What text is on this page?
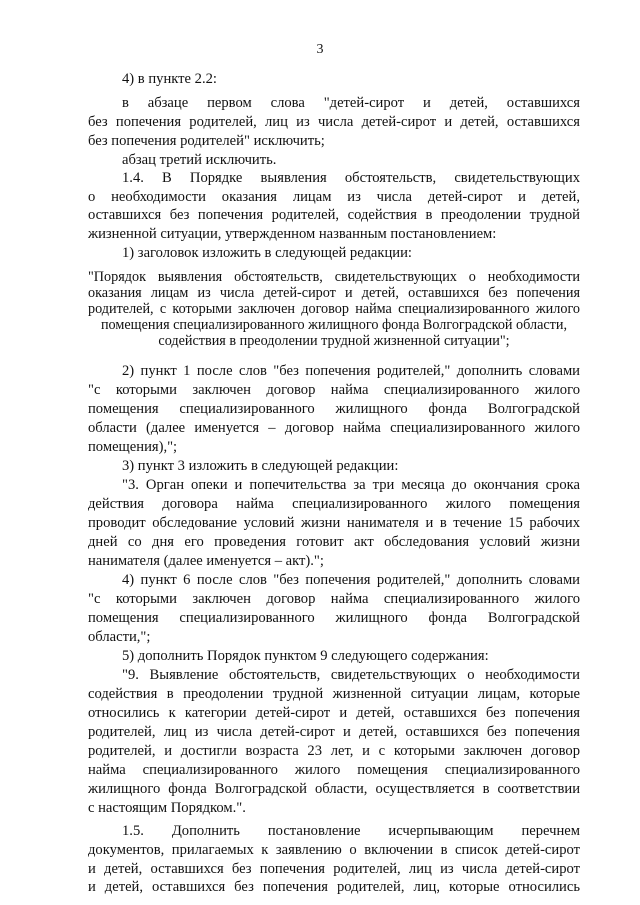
3
4) в пункте 2.2:
в абзаце первом слова "детей-сирот и детей, оставшихся
без попечения родителей, лиц из числа детей-сирот и детей, оставшихся
без попечения родителей" исключить;
абзац третий исключить.
1.4. В Порядке выявления обстоятельств, свидетельствующих
о необходимости оказания лицам из числа детей-сирот и детей,
оставшихся без попечения родителей, содействия в преодолении трудной
жизненной ситуации, утвержденном названным постановлением:
1) заголовок изложить в следующей редакции:
"Порядок выявления обстоятельств, свидетельствующих о необходимости
оказания лицам из числа детей-сирот и детей, оставшихся без попечения
родителей, с которыми заключен договор найма специализированного жилого
помещения специализированного жилищного фонда Волгоградской области,
содействия в преодолении трудной жизненной ситуации";
2) пункт 1 после слов "без попечения родителей," дополнить словами
"с которыми заключен договор найма специализированного жилого
помещения специализированного жилищного фонда Волгоградской
области (далее именуется – договор найма специализированного жилого
помещения),";
3) пункт 3 изложить в следующей редакции:
"3. Орган опеки и попечительства за три месяца до окончания срока
действия договора найма специализированного жилого помещения
проводит обследование условий жизни нанимателя и в течение 15 рабочих
дней со дня его проведения готовит акт обследования условий жизни
нанимателя (далее именуется – акт).";
4) пункт 6 после слов "без попечения родителей," дополнить словами
"с которыми заключен договор найма специализированного жилого
помещения специализированного жилищного фонда Волгоградской
области,";
5) дополнить Порядок пунктом 9 следующего содержания:
"9. Выявление обстоятельств, свидетельствующих о необходимости
содействия в преодолении трудной жизненной ситуации лицам, которые
относились к категории детей-сирот и детей, оставшихся без попечения
родителей, лиц из числа детей-сирот и детей, оставшихся без попечения
родителей, и достигли возраста 23 лет, и с которыми заключен договор
найма специализированного жилого помещения специализированного
жилищного фонда Волгоградской области, осуществляется в соответствии
с настоящим Порядком.".
1.5. Дополнить постановление исчерпывающим перечнем
документов, прилагаемых к заявлению о включении в список детей-сирот
и детей, оставшихся без попечения родителей, лиц из числа детей-сирот
и детей, оставшихся без попечения родителей, лиц, которые относились
